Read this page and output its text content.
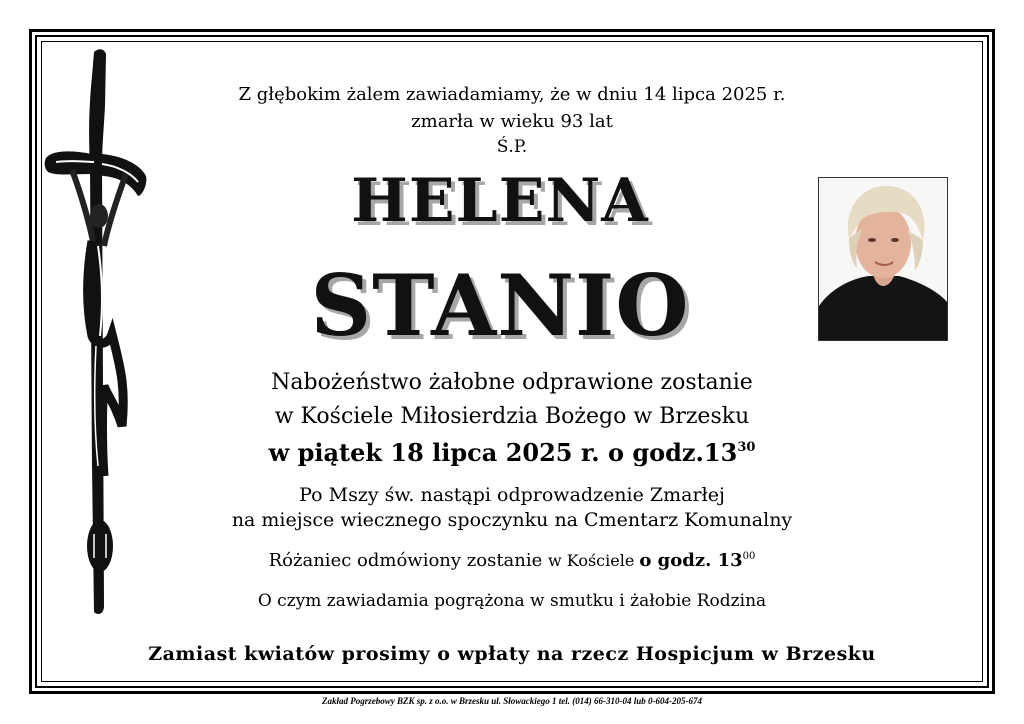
Z głębokim żalem zawiadamiamy, że w dniu 14 lipca 2025 r.
zmarła w wieku 93 lat
Ś.P.
HELENA
STANIO
Nabożeństwo żałobne odprawione zostanie
w Kościele Miłosierdzia Bożego w Brzesku
w piątek 18 lipca 2025 r. o $godz.13^{30}$
Po Mszy św. nastąpi odprowadzenie Zmarłej
na miejsce wiecznego spoczynku na Cmentarz Komunalny
Różaniec odmówiony zostanie w Kościele o godz. $13^{00}$
O czym zawiadamia pogrążona w smutku i żałobie Rodzina
Zamiast kwiatów prosimy o wpłaty na rzecz Hospicjum w Brzesku
Zakład Pogrzebowy BZK sp. z o.o. w Brzesku ul. Słowackiego 1 tel. (014) 66-310-04 lub 0-604-205-674
